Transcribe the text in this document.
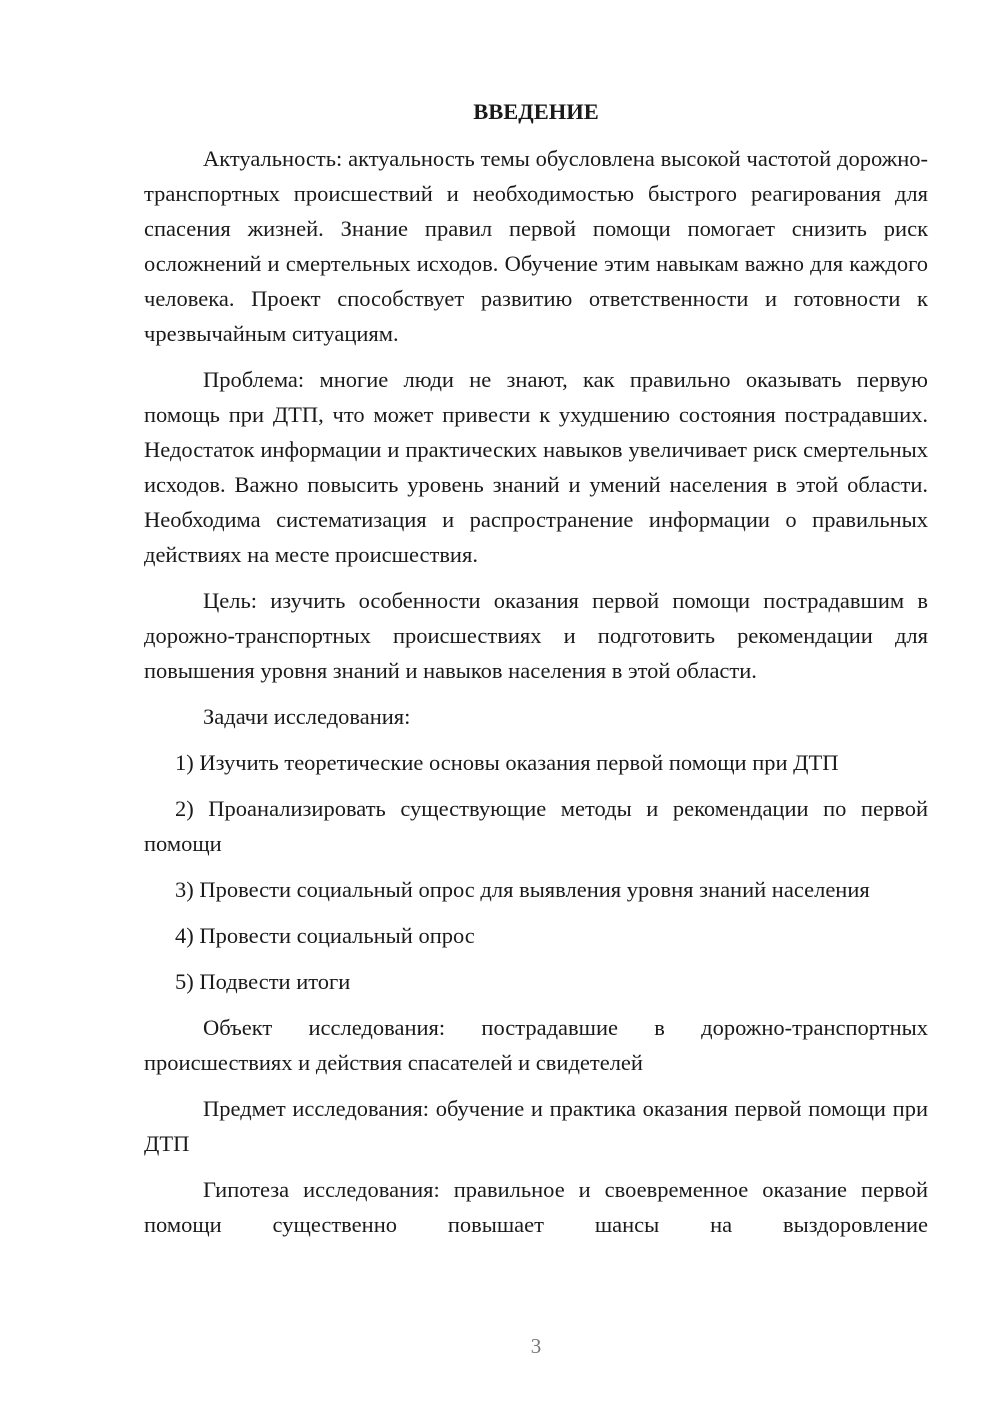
ВВЕДЕНИЕ

Актуальность: актуальность темы обусловлена высокой частотой дорожно-транспортных происшествий и необходимостью быстрого реагирования для спасения жизней. Знание правил первой помощи помогает снизить риск осложнений и смертельных исходов. Обучение этим навыкам важно для каждого человека. Проект способствует развитию ответственности и готовности к чрезвычайным ситуациям.

Проблема: многие люди не знают, как правильно оказывать первую помощь при ДТП, что может привести к ухудшению состояния пострадавших. Недостаток информации и практических навыков увеличивает риск смертельных исходов. Важно повысить уровень знаний и умений населения в этой области. Необходима систематизация и распространение информации о правильных действиях на месте происшествия.

Цель: изучить особенности оказания первой помощи пострадавшим в дорожно-транспортных происшествиях и подготовить рекомендации для повышения уровня знаний и навыков населения в этой области.

Задачи исследования:

1) Изучить теоретические основы оказания первой помощи при ДТП

2) Проанализировать существующие методы и рекомендации по первой помощи

3) Провести социальный опрос для выявления уровня знаний населения

4) Провести социальный опрос

5) Подвести итоги

Объект исследования: пострадавшие в дорожно-транспортных происшествиях и действия спасателей и свидетелей

Предмет исследования: обучение и практика оказания первой помощи при ДТП

Гипотеза исследования: правильное и своевременное оказание первой помощи существенно повышает шансы на выздоровление

3
